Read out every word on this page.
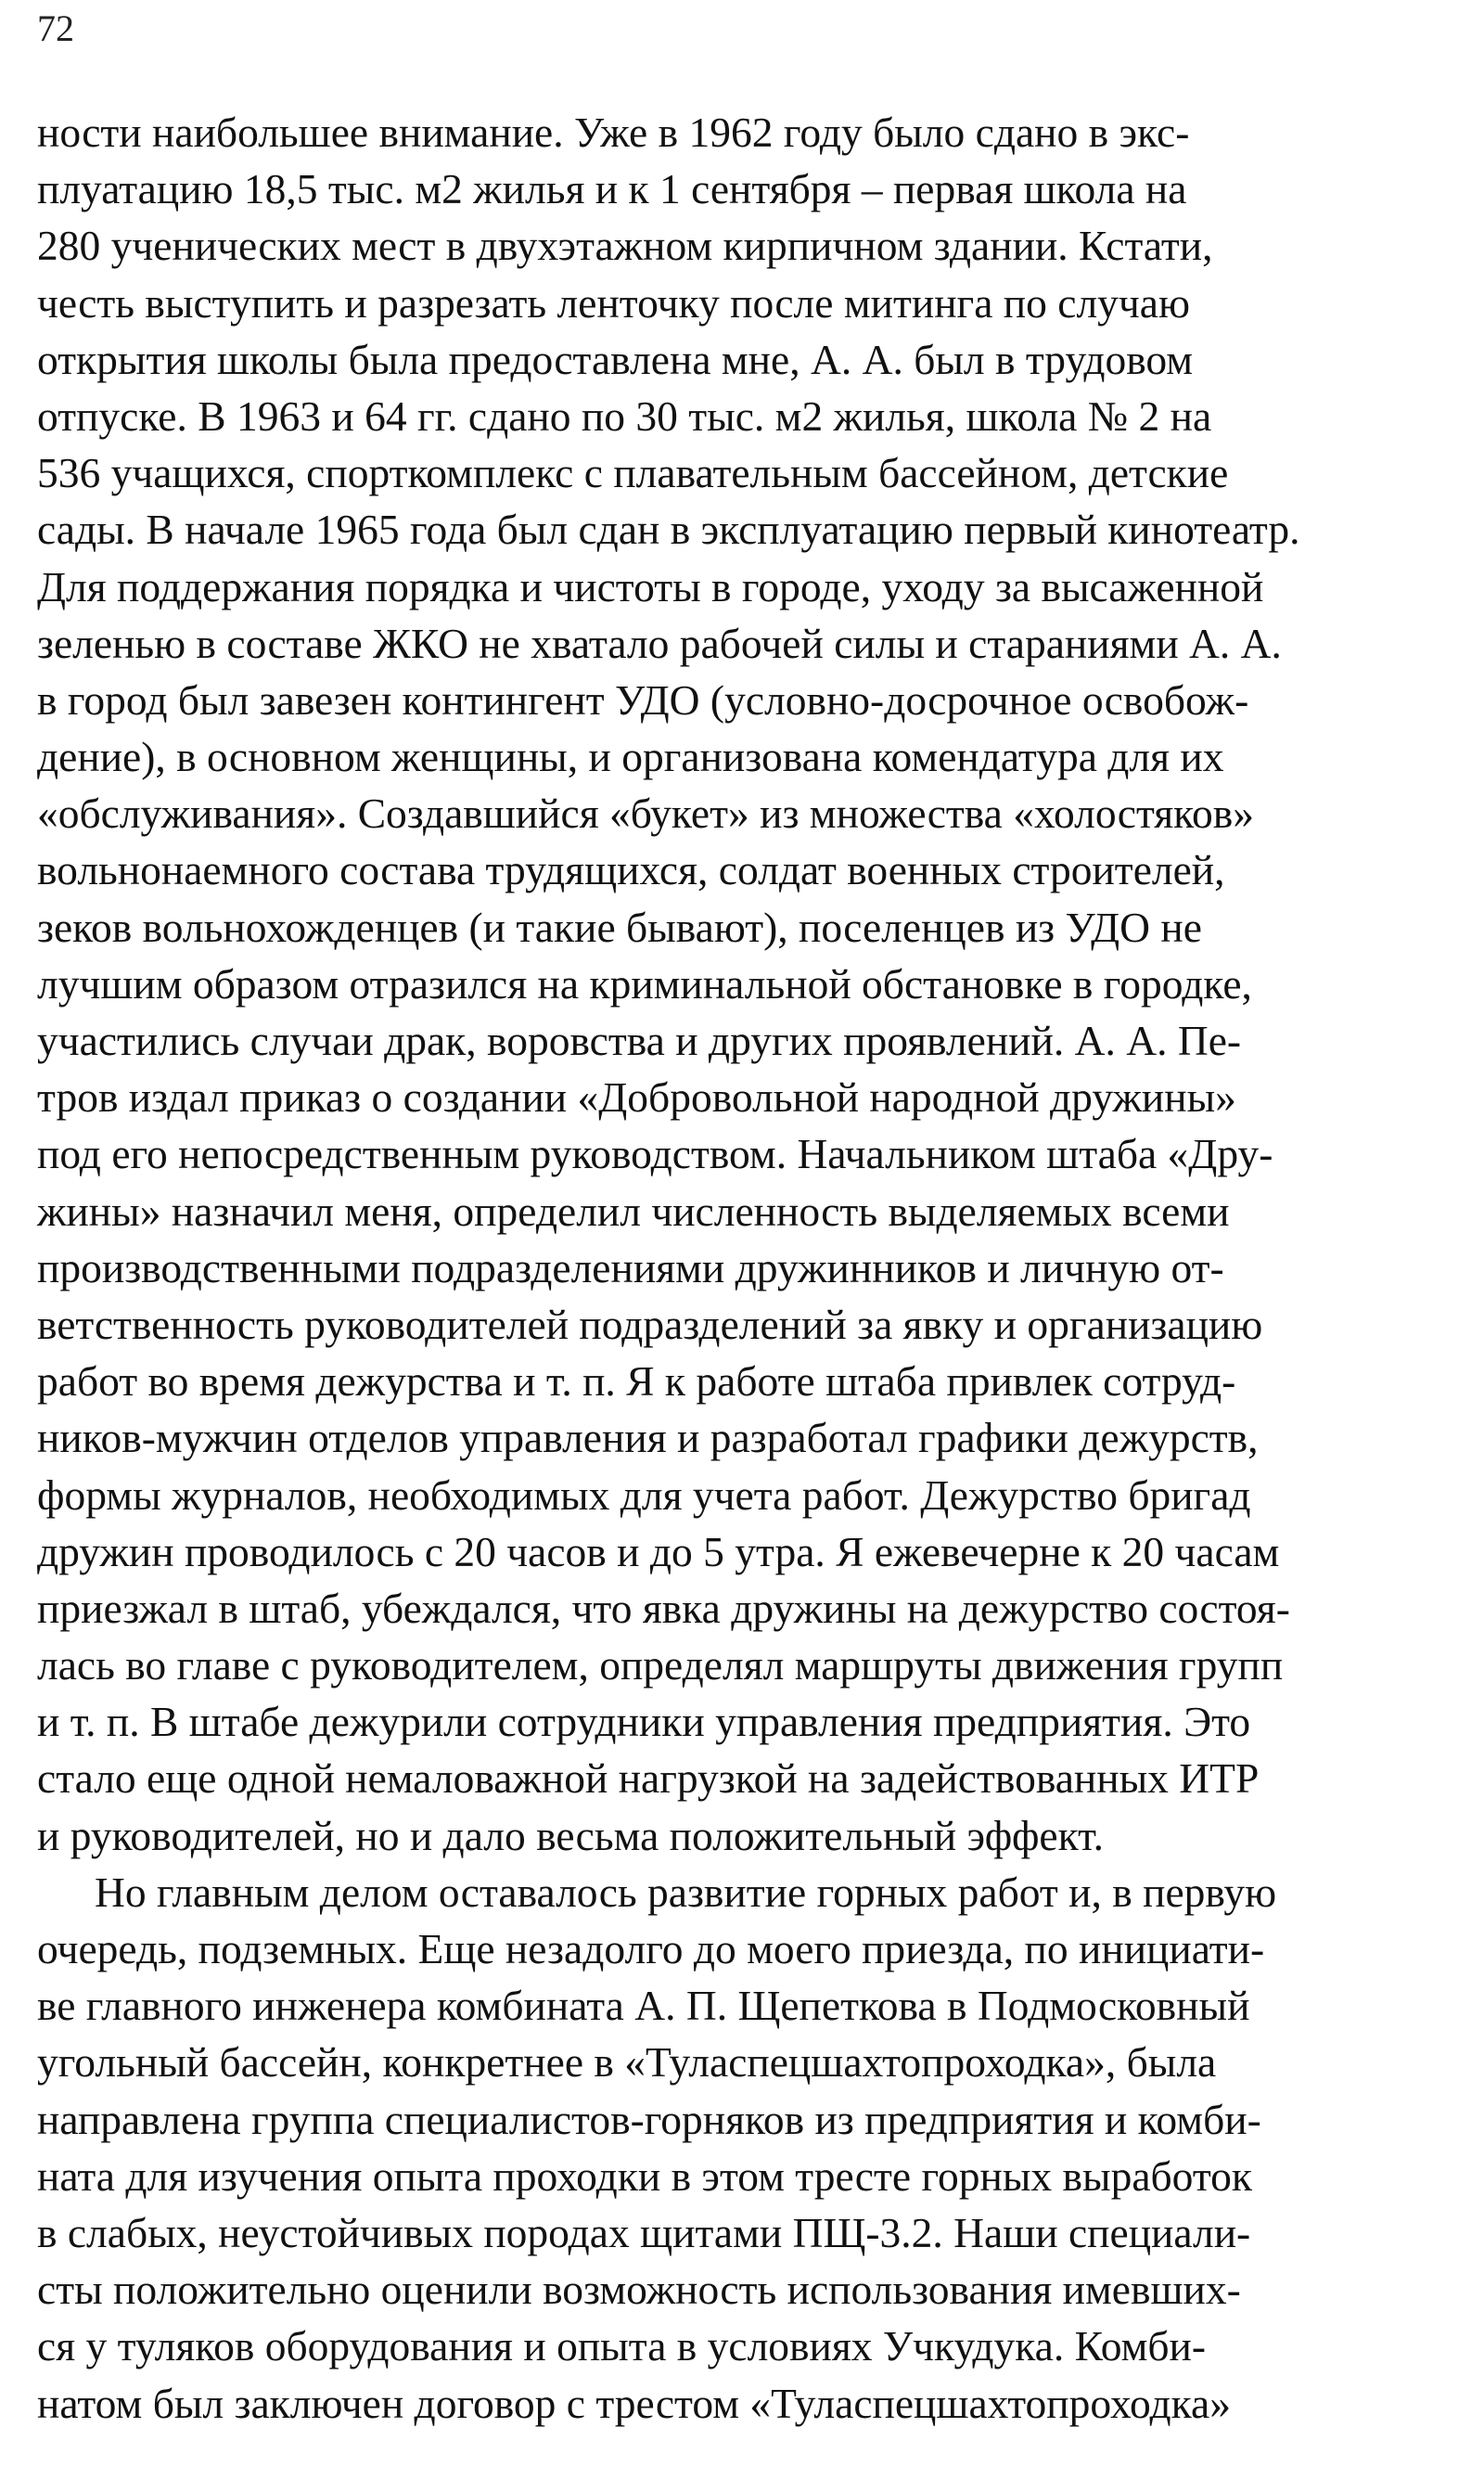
72
ности наибольшее внимание. Уже в 1962 году было сдано в экс-
плуатацию 18,5 тыс. м2 жилья и к 1 сентября – первая школа на
280 ученических мест в двухэтажном кирпичном здании. Кстати,
честь выступить и разрезать ленточку после митинга по случаю
открытия школы была предоставлена мне, А. А. был в трудовом
отпуске. В 1963 и 64 гг. сдано по 30 тыс. м2 жилья, школа № 2 на
536 учащихся, спорткомплекс с плавательным бассейном, детские
сады. В начале 1965 года был сдан в эксплуатацию первый кинотеатр.
Для поддержания порядка и чистоты в городе, уходу за высаженной
зеленью в составе ЖКО не хватало рабочей силы и стараниями А. А.
в город был завезен контингент УДО (условно-досрочное освобож-
дение), в основном женщины, и организована комендатура для их
«обслуживания». Создавшийся «букет» из множества «холостяков»
вольнонаемного состава трудящихся, солдат военных строителей,
зеков вольнохожденцев (и такие бывают), поселенцев из УДО не
лучшим образом отразился на криминальной обстановке в городке,
участились случаи драк, воровства и других проявлений. А. А. Пе-
тров издал приказ о создании «Добровольной народной дружины»
под его непосредственным руководством. Начальником штаба «Дру-
жины» назначил меня, определил численность выделяемых всеми
производственными подразделениями дружинников и личную от-
ветственность руководителей подразделений за явку и организацию
работ во время дежурства и т. п. Я к работе штаба привлек сотруд-
ников-мужчин отделов управления и разработал графики дежурств,
формы журналов, необходимых для учета работ. Дежурство бригад
дружин проводилось с 20 часов и до 5 утра. Я ежевечерне к 20 часам
приезжал в штаб, убеждался, что явка дружины на дежурство состоя-
лась во главе с руководителем, определял маршруты движения групп
и т. п. В штабе дежурили сотрудники управления предприятия. Это
стало еще одной немаловажной нагрузкой на задействованных ИТР
и руководителей, но и дало весьма положительный эффект.
Но главным делом оставалось развитие горных работ и, в первую
очередь, подземных. Еще незадолго до моего приезда, по инициати-
ве главного инженера комбината А. П. Щепеткова в Подмосковный
угольный бассейн, конкретнее в «Туласпецшахтопроходка», была
направлена группа специалистов-горняков из предприятия и комби-
ната для изучения опыта проходки в этом тресте горных выработок
в слабых, неустойчивых породах щитами ПЩ-3.2. Наши специали-
сты положительно оценили возможность использования имевших-
ся у туляков оборудования и опыта в условиях Учкудука. Комби-
натом был заключен договор с трестом «Туласпецшахтопроходка»
